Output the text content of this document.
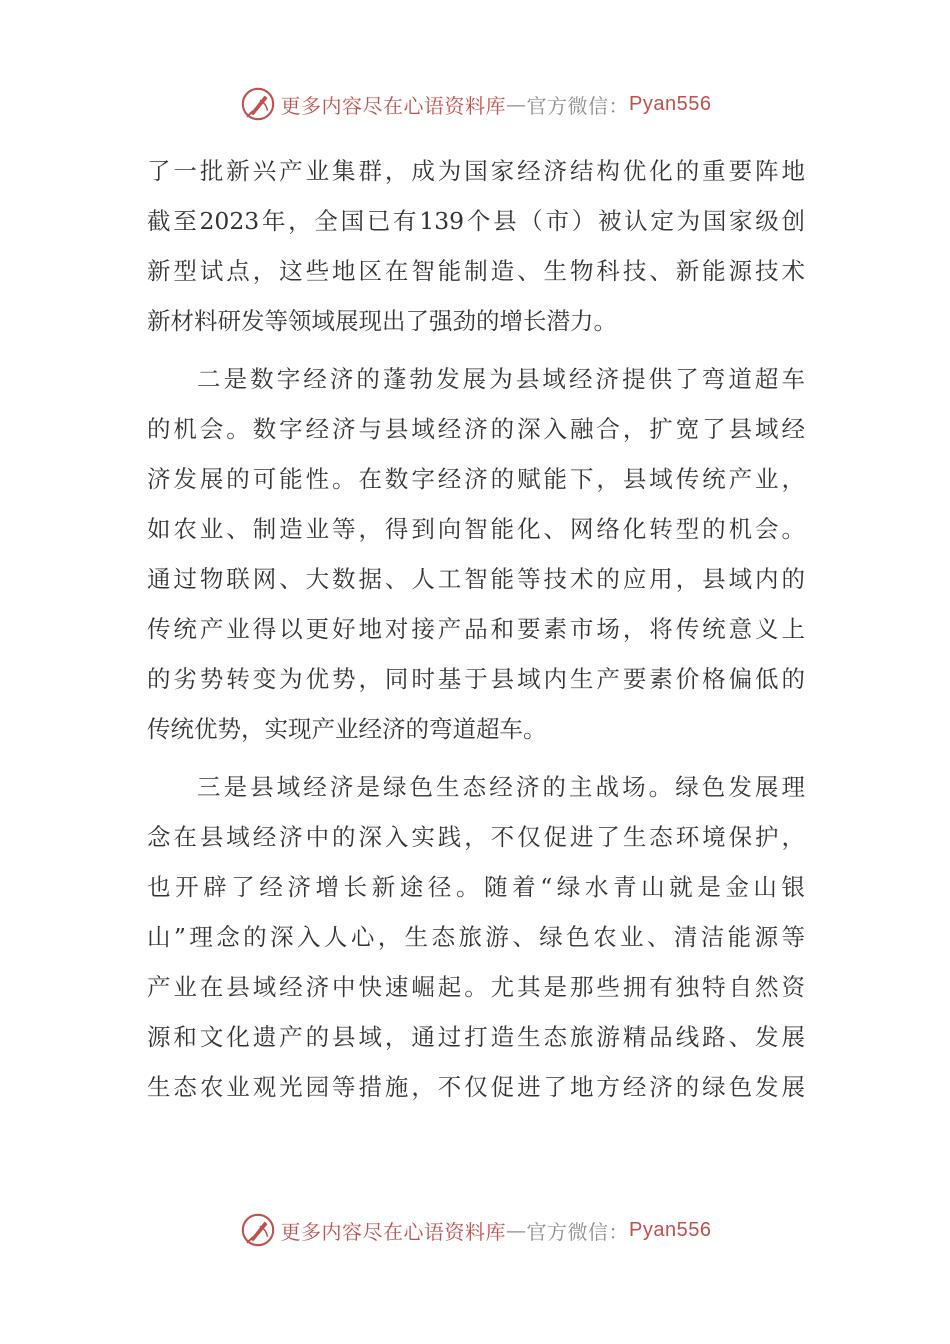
更多内容尽在心语资料库 — 官方微信： Pyan556
了一批新兴产业集群，成为国家经济结构优化的重要阵地
截至2023年，全国已有139个县（市）被认定为国家级创
新型试点，这些地区在智能制造、生物科技、新能源技术
新材料研发等领域展现出了强劲的增长潜力。
二是数字经济的蓬勃发展为县域经济提供了弯道超车
的机会。数字经济与县域经济的深入融合，扩宽了县域经
济发展的可能性。在数字经济的赋能下，县域传统产业，
如农业、制造业等，得到向智能化、网络化转型的机会。
通过物联网、大数据、人工智能等技术的应用，县域内的
传统产业得以更好地对接产品和要素市场，将传统意义上
的劣势转变为优势，同时基于县域内生产要素价格偏低的
传统优势，实现产业经济的弯道超车。
三是县域经济是绿色生态经济的主战场。绿色发展理
念在县域经济中的深入实践，不仅促进了生态环境保护，
也开辟了经济增长新途径。随着“绿水青山就是金山银
山”理念的深入人心，生态旅游、绿色农业、清洁能源等
产业在县域经济中快速崛起。尤其是那些拥有独特自然资
源和文化遗产的县域，通过打造生态旅游精品线路、发展
生态农业观光园等措施，不仅促进了地方经济的绿色发展
更多内容尽在心语资料库 — 官方微信： Pyan556
